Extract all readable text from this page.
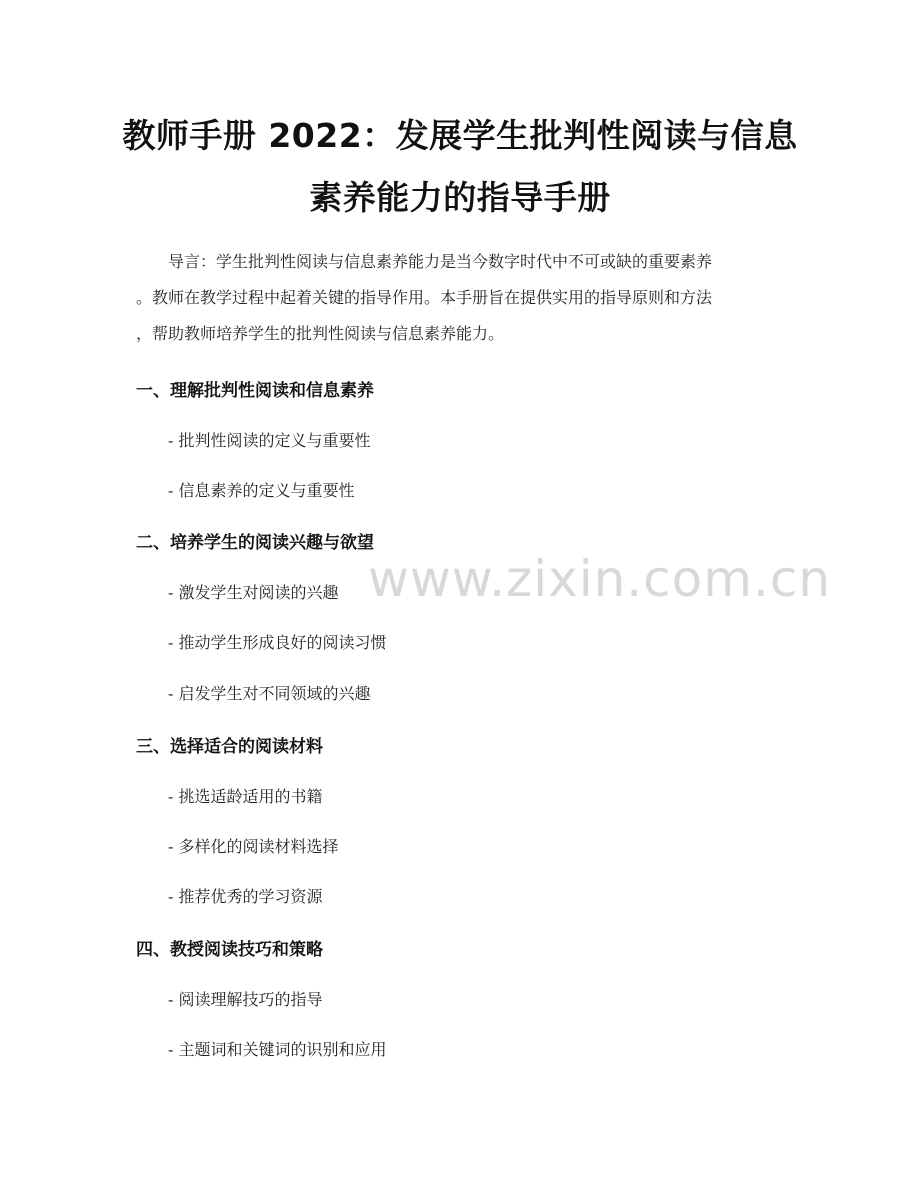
教师手册 2022：发展学生批判性阅读与信息
素养能力的指导手册
导言：学生批判性阅读与信息素养能力是当今数字时代中不可或缺的重要素养
。教师在教学过程中起着关键的指导作用。本手册旨在提供实用的指导原则和方法
，帮助教师培养学生的批判性阅读与信息素养能力。
一、理解批判性阅读和信息素养
- 批判性阅读的定义与重要性
- 信息素养的定义与重要性
二、培养学生的阅读兴趣与欲望
- 激发学生对阅读的兴趣
- 推动学生形成良好的阅读习惯
- 启发学生对不同领域的兴趣
三、选择适合的阅读材料
- 挑选适龄适用的书籍
- 多样化的阅读材料选择
- 推荐优秀的学习资源
四、教授阅读技巧和策略
- 阅读理解技巧的指导
- 主题词和关键词的识别和应用
www.zixin.com.cn
